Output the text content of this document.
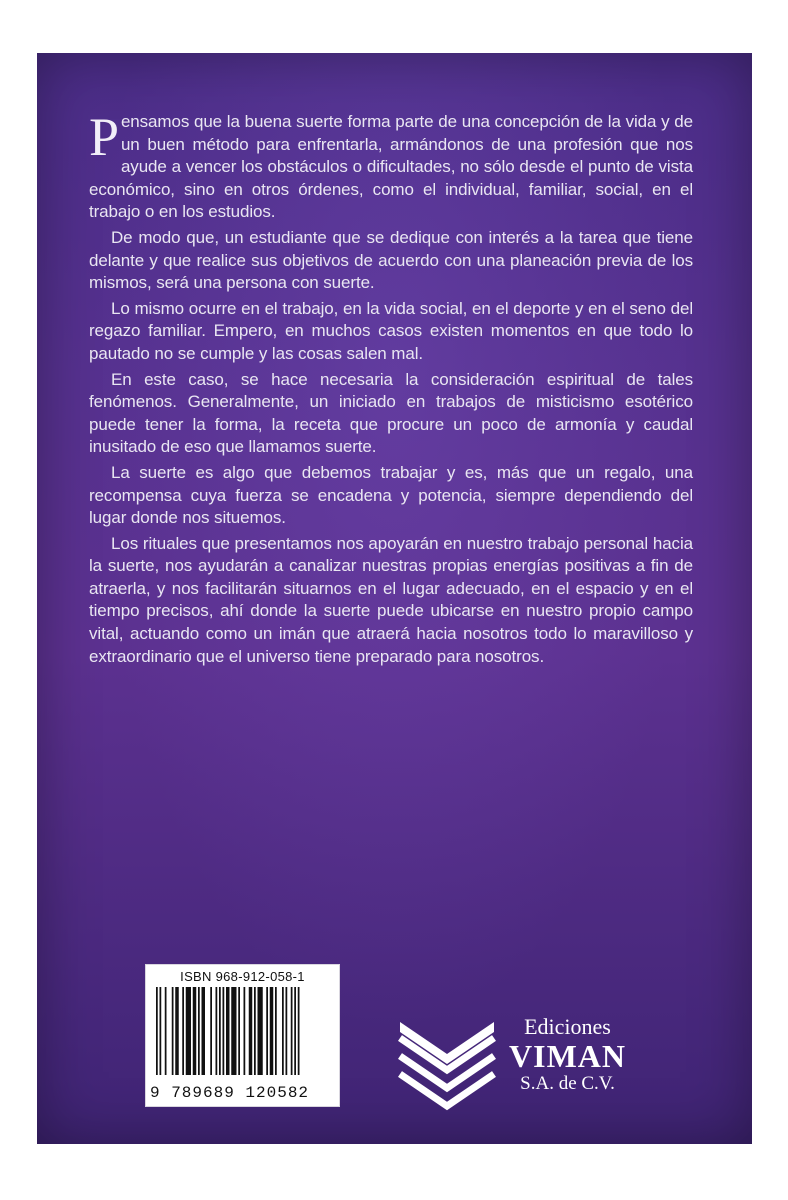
Pensamos que la buena suerte forma parte de una concepción de la vida y de un buen método para enfrentarla, armándonos de una profesión que nos ayude a vencer los obstáculos o dificultades, no sólo desde el punto de vista económico, sino en otros órdenes, como el individual, familiar, social, en el trabajo o en los estudios.

De modo que, un estudiante que se dedique con interés a la tarea que tiene delante y que realice sus objetivos de acuerdo con una planeación previa de los mismos, será una persona con suerte.

Lo mismo ocurre en el trabajo, en la vida social, en el deporte y en el seno del regazo familiar. Empero, en muchos casos existen momentos en que todo lo pautado no se cumple y las cosas salen mal.

En este caso, se hace necesaria la consideración espiritual de tales fenómenos. Generalmente, un iniciado en trabajos de misticismo esotérico puede tener la forma, la receta que procure un poco de armonía y caudal inusitado de eso que llamamos suerte.

La suerte es algo que debemos trabajar y es, más que un regalo, una recompensa cuya fuerza se encadena y potencia, siempre dependiendo del lugar donde nos situemos.

Los rituales que presentamos nos apoyarán en nuestro trabajo personal hacia la suerte, nos ayudarán a canalizar nuestras propias energías positivas a fin de atraerla, y nos facilitarán situarnos en el lugar adecuado, en el espacio y en el tiempo precisos, ahí donde la suerte puede ubicarse en nuestro propio campo vital, actuando como un imán que atraerá hacia nosotros todo lo maravilloso y extraordinario que el universo tiene preparado para nosotros.

ISBN 968-912-058-1
9 789689 120582
Ediciones
VIMAN
S.A. de C.V.
